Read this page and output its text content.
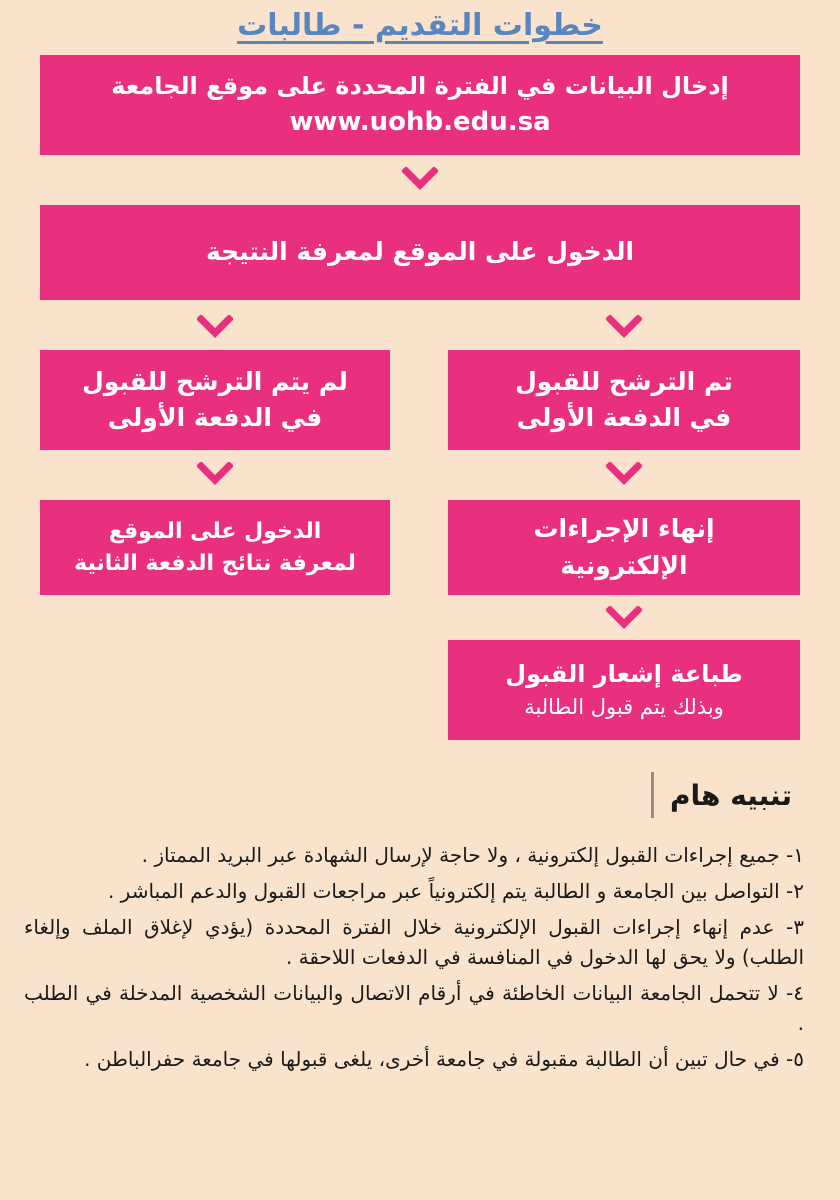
خطوات التقديم - طالبات
إدخال البيانات في الفترة المحددة على موقع الجامعة
www.uohb.edu.sa
الدخول على الموقع لمعرفة النتيجة
تم الترشح للقبول
في الدفعة الأولى
لم يتم الترشح للقبول
في الدفعة الأولى
إنهاء الإجراءات
الإلكترونية
الدخول على الموقع
لمعرفة نتائج الدفعة الثانية
طباعة إشعار القبول
وبذلك يتم قبول الطالبة
تنبيه هام
١- جميع إجراءات القبول إلكترونية ، ولا حاجة لإرسال الشهادة عبر البريد الممتاز .
٢- التواصل بين الجامعة و الطالبة يتم إلكترونياً عبر مراجعات القبول والدعم المباشر .
٣- عدم إنهاء إجراءات القبول الإلكترونية خلال الفترة المحددة (يؤدي لإغلاق الملف وإلغاء الطلب) ولا يحق لها الدخول في المنافسة في الدفعات اللاحقة .
٤- لا تتحمل الجامعة البيانات الخاطئة في أرقام الاتصال والبيانات الشخصية المدخلة في الطلب .
٥- في حال تبين أن الطالبة مقبولة في جامعة أخرى، يلغى قبولها في جامعة حفرالباطن .
